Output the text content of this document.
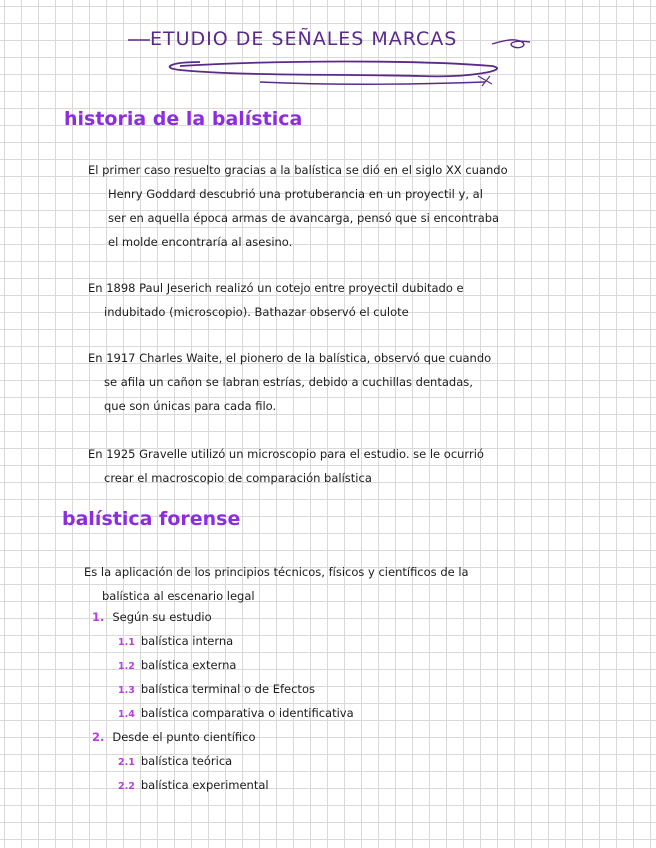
ETUDIO DE SEÑALES MARCAS
historia de la balística
El primer caso resuelto gracias a la balística se dió en el siglo XX cuando
Henry Goddard descubrió una protuberancia en un proyectil y, al
ser en aquella época armas de avancarga, pensó que si encontraba
el molde encontraría al asesino.
En 1898 Paul Jeserich realizó un cotejo entre proyectil dubitado e
indubitado (microscopio). Bathazar observó el culote
En 1917 Charles Waite, el pionero de la balística, observó que cuando
se afila un cañon se labran estrías, debido a cuchillas dentadas,
que son únicas para cada filo.
En 1925 Gravelle utilizó un microscopio para el estudio. se le ocurrió
crear el macroscopio de comparación balística
balística forense
Es la aplicación de los principios técnicos, físicos y científicos de la
balística al escenario legal
1. Según su estudio
1.1 balística interna
1.2 balística externa
1.3 balística terminal o de Efectos
1.4 balística comparativa o identificativa
2. Desde el punto científico
2.1 balística teórica
2.2 balística experimental
